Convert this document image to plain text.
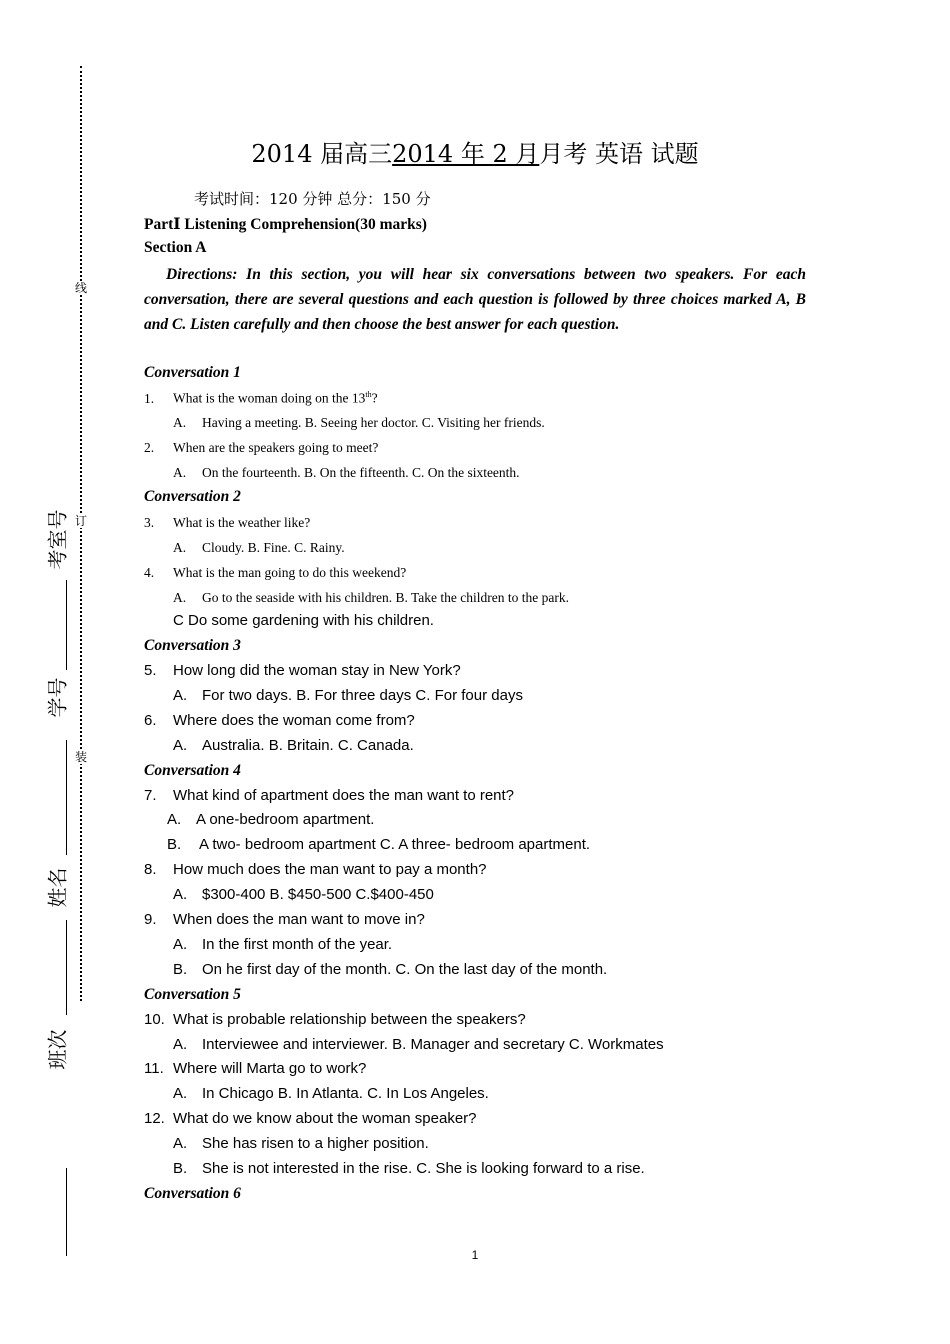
线
订
装
班次
姓名
学号
考室号
2014 届高三2014 年 2 月月考 英语 试题
考试时间：120 分钟 总分：150 分
PartⅠ Listening Comprehension(30 marks)
Section A
Directions: In this section, you will hear six conversations between two speakers. For each conversation, there are several questions and each question is followed by three choices marked A, B and C. Listen carefully and then choose the best answer for each question.
Conversation 1
1. What is the woman doing on the 13th?
A. Having a meeting. B. Seeing her doctor. C. Visiting her friends.
2. When are the speakers going to meet?
A. On the fourteenth. B. On the fifteenth. C. On the sixteenth.
Conversation 2
3. What is the weather like?
A. Cloudy. B. Fine. C. Rainy.
4. What is the man going to do this weekend?
A. Go to the seaside with his children. B. Take the children to the park.
C Do some gardening with his children.
Conversation 3
5. How long did the woman stay in New York?
A. For two days. B. For three days C. For four days
6. Where does the woman come from?
A. Australia. B. Britain. C. Canada.
Conversation 4
7. What kind of apartment does the man want to rent?
A. A one-bedroom apartment.
B. A two- bedroom apartment C. A three- bedroom apartment.
8. How much does the man want to pay a month?
A. $300-400 B. $450-500 C.$400-450
9. When does the man want to move in?
A. In the first month of the year.
B. On he first day of the month. C. On the last day of the month.
Conversation 5
10. What is probable relationship between the speakers?
A. Interviewee and interviewer. B. Manager and secretary C. Workmates
11. Where will Marta go to work?
A. In Chicago B. In Atlanta. C. In Los Angeles.
12. What do we know about the woman speaker?
A. She has risen to a higher position.
B. She is not interested in the rise. C. She is looking forward to a rise.
Conversation 6
1
